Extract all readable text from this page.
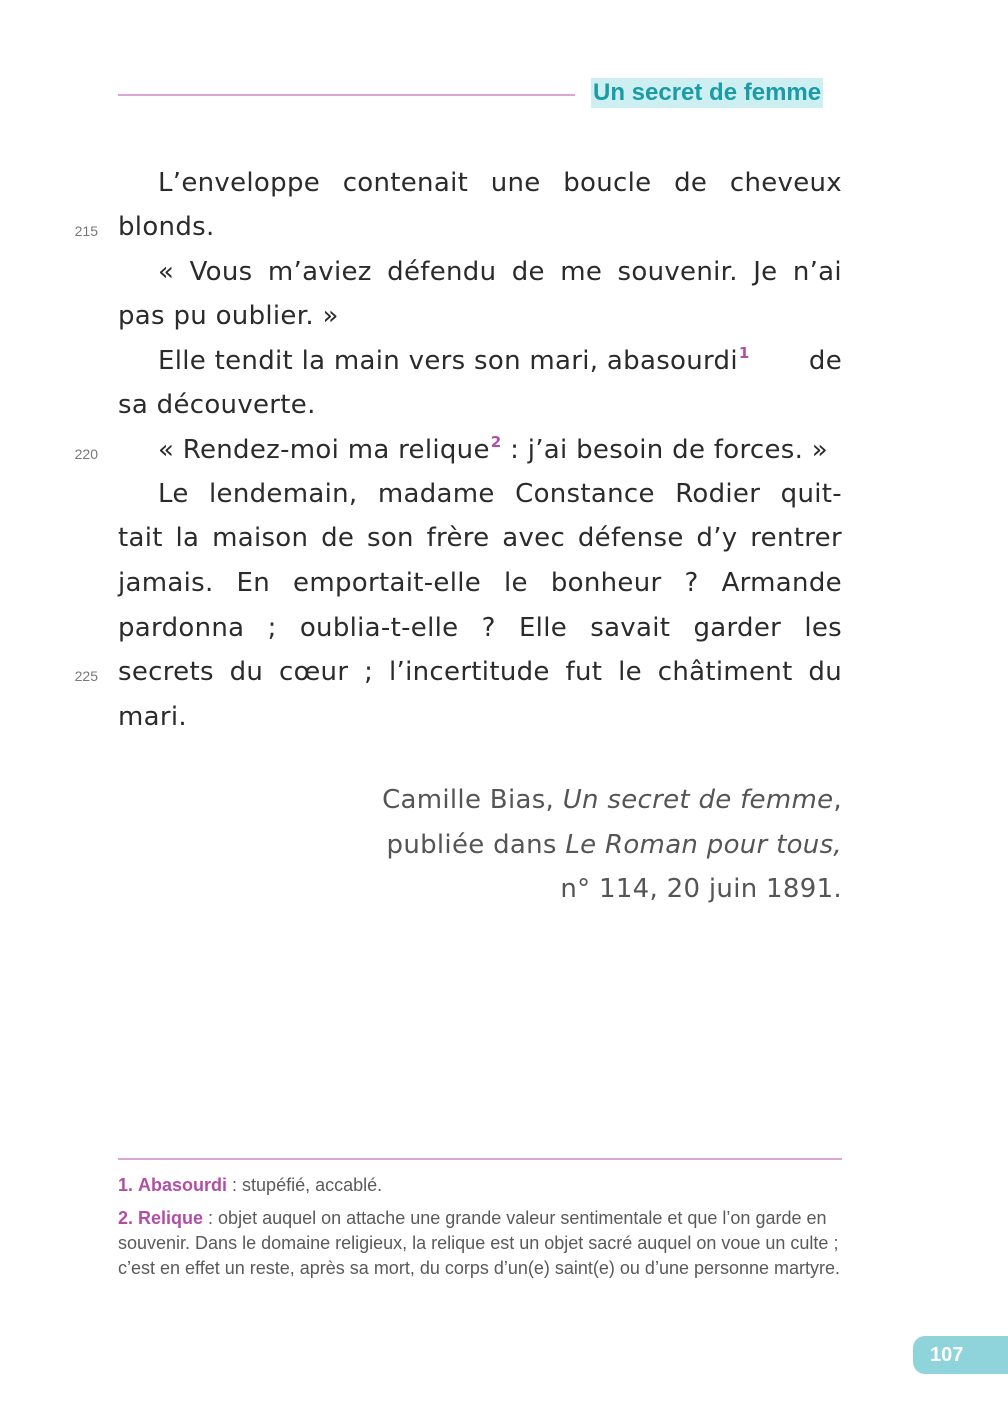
Un secret de femme
L’enveloppe contenait une boucle de cheveux
215 blonds.
« Vous m’aviez défendu de me souvenir. Je n’ai
pas pu oublier. »
Elle tendit la main vers son mari, abasourdi$^1$ de
sa découverte.
220 « Rendez-moi ma relique$^2$ : j’ai besoin de forces. »
Le lendemain, madame Constance Rodier quit-
tait la maison de son frère avec défense d’y rentrer
jamais. En emportait-elle le bonheur ? Armande
pardonna ; oublia-t-elle ? Elle savait garder les
225 secrets du cœur ; l’incertitude fut le châtiment du
mari.
Camille Bias, Un secret de femme,
publiée dans Le Roman pour tous,
n° 114, 20 juin 1891.
1. Abasourdi : stupéfié, accablé.
2. Relique : objet auquel on attache une grande valeur sentimentale et que l’on garde en souvenir. Dans le domaine religieux, la relique est un objet sacré auquel on voue un culte ; c’est en effet un reste, après sa mort, du corps d’un(e) saint(e) ou d’une personne martyre.
107
